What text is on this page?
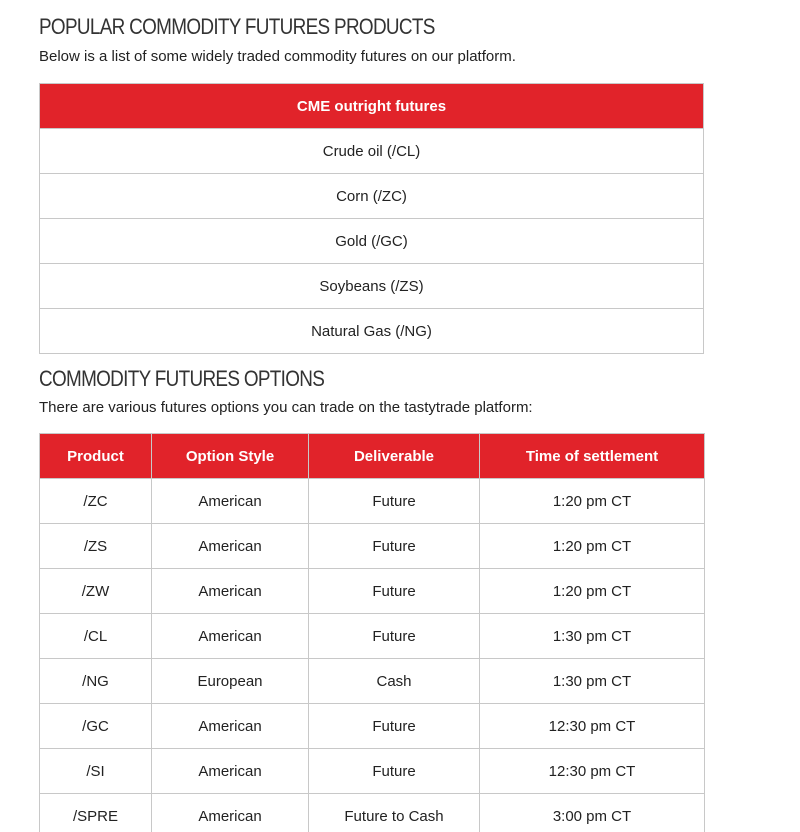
POPULAR COMMODITY FUTURES PRODUCTS

Below is a list of some widely traded commodity futures on our platform.

CME outright futures
Crude oil (/CL)
Corn (/ZC)
Gold (/GC)
Soybeans (/ZS)
Natural Gas (/NG)
COMMODITY FUTURES OPTIONS

There are various futures options you can trade on the tastytrade platform:

Product	Option Style	Deliverable	Time of settlement
/ZC	American	Future	1:20 pm CT
/ZS	American	Future	1:20 pm CT
/ZW	American	Future	1:20 pm CT
/CL	American	Future	1:30 pm CT
/NG	European	Cash	1:30 pm CT
/GC	American	Future	12:30 pm CT
/SI	American	Future	12:30 pm CT
/SPRE	American	Future to Cash	3:00 pm CT
